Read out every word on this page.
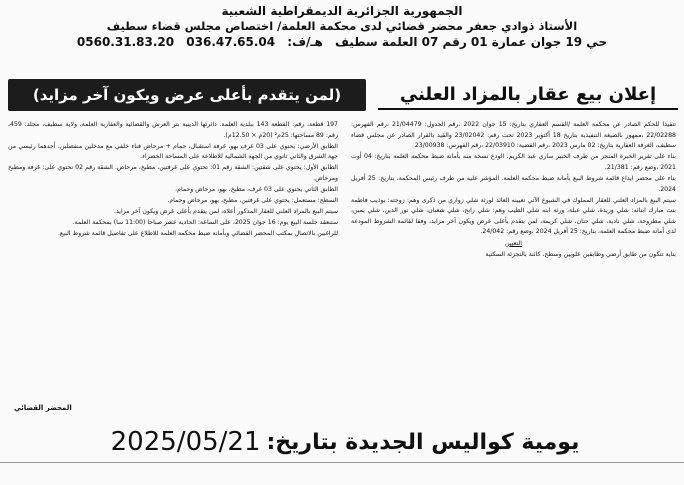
الجمهورية الجزائرية الديمقراطية الشعبية
الأستاذ ذوادي جعفر محضر قضائي لدى محكمة العلمة/ اختصاص مجلس قضاء سطيف
حي 19 جوان عمارة 01 رقم 07 العلمة سطيف هـ/ف: 036.47.65.04 0560.31.83.20
إعلان بيع عقار بالمزاد العلني
(لمن يتقدم بأعلى عرض ويكون آخر مزايد)

تنفيذا للحكم الصادر عن محكمة العلمة /القسم العقاري بتاريخ: 15 جوان 2022 ،رقم الجدول: 21/04479 ،رقم الفهرس: 22/02288 ،ممهور بالصيغة التنفيذية بتاريخ 18 أكتوبر 2023 تحت رقم: 23/02042 والقيد بالقرار الصادر عن مجلس قضاء سطيف، الغرفة العقارية بتاريخ: 02 مارس 2023 ،رقم القضية: 22/03910 ،رقم الفهرس: 23/00938

بناء على تقرير الخبرة المنجز من طرف الخبير ساري عبد الكريم. الودع نسخة منه بأمانة ضبط محكمة العلمة بتاريخ: 04 أوت 2021 ،وضع رقم: 21/381.

بناء على محضر ايداع قائمة شروط البيع بأمانة ضبط محكمة العلمة. المؤشر عليه من طرف رئيس المحكمة، بتاريخ: 25 أفريل 2024.

سيتم البيع بالمزاد العلني للعقار المملوك في الشيوع الآتي تعيينه العائد لورثة شلي زواري من ذكرى وهم: زوجته: بوذيب فاطمة بنت مبارك ابنائه: شلي وريدة، شلي عبلة، ورثة ابنه شلي الطيب وهم: شلي رابح، شلي شعبان، شلي نور الدين، شلي يمين، شلي مطروحة، شلي نادية، شلي حنان، شلي كريمة، لمن يتقدم بأعلى عرض ويكون آخر مزايد، وفقا لقائمة الشروط المودعة لدى أمانة ضبط محكمة العلمة، بتاريخ: 25 أفريل 2024 ،وضع رقم: 24/042.

التعيين

بناية تتكون من طابق أرضي وطابقين علويين وسطح، كائنة بالتجزئة السكنية

197 قطعة، رقم: القطعة 143 ببلدية العلمة. دائرتها الدينية بتر العرش والقضائية والعقارية العلمة، ولاية سطيف، مجلد: 459، رقم: 89 مساحتها: 25م² (20م × 12.50م).

الطابق الأرضي: يحتوي على 03 غرف بهو، غرفة استقبال، حمام + مرحاض فناء خلفي مع مدخلين منفصلين، أحدهما رئيسي من جهة الشرق والثاني ثانوي من الجهة الشمالية للاطلاعة على المساحة الخضراء.

الطابق الأول: يحتوي على شقتين: الشقة رقم 01: تحتوي على غرفتين، مطبخ، مرحاض. الشقة رقم 02 تحتوي على: غرفة ومطبخ ومرحاض.

الطابق الثاني يحتوي على 03 غرف، مطبخ، بهو، مرحاض وحمام.

السطح: مستعمل: يحتوي على غرفتين، مطبخ، بهو، مرحاض وحمام.

سيتم البيع بالمزاد العلني للعقار المذكور أعلاه، لمن يتقدم بأعلى عرض ويكون آخر مزايد.

ستنعقد جلسة البيع يوم: 16 جوان 2025، على الساعة: الحادية عشر صباحا (11:00 سا) بمحكمة العلمة.

للراغبين بالاتصال بمكتب المحضر القضائي وبأمانة ضبط محكمة العلمة للاطلاع على تفاصيل قائمة شروط البيع.

المحضر القضائي
يومية كواليس الجديدة بتاريخ:
2025/05/21
